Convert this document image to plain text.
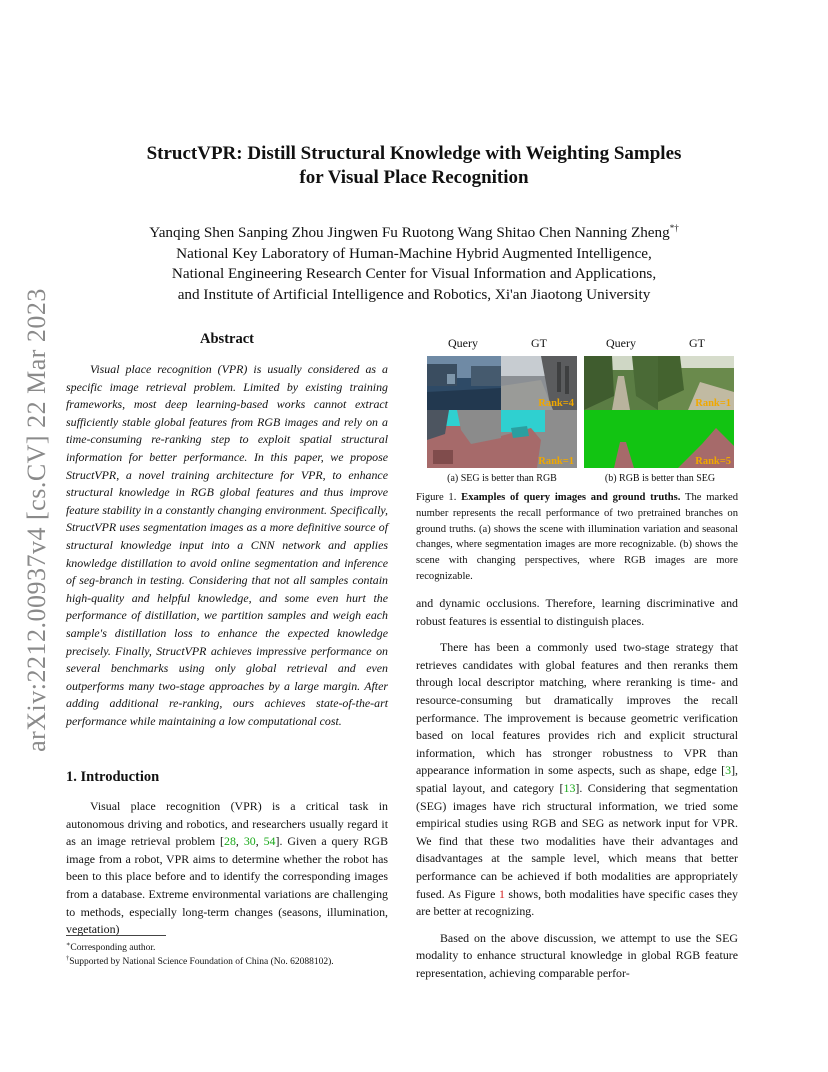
arXiv:2212.00937v4 [cs.CV] 22 Mar 2023
StructVPR: Distill Structural Knowledge with Weighting Samples
for Visual Place Recognition
Yanqing Shen Sanping Zhou Jingwen Fu Ruotong Wang Shitao Chen Nanning Zheng*†
National Key Laboratory of Human-Machine Hybrid Augmented Intelligence,
National Engineering Research Center for Visual Information and Applications,
and Institute of Artificial Intelligence and Robotics, Xi'an Jiaotong University
Abstract

Visual place recognition (VPR) is usually considered as a specific image retrieval problem. Limited by existing training frameworks, most deep learning-based works cannot extract sufficiently stable global features from RGB images and rely on a time-consuming re-ranking step to exploit spatial structural information for better performance. In this paper, we propose StructVPR, a novel training architecture for VPR, to enhance structural knowledge in RGB global features and thus improve feature stability in a constantly changing environment. Specifically, StructVPR uses segmentation images as a more definitive source of structural knowledge input into a CNN network and applies knowledge distillation to avoid online segmentation and inference of seg-branch in testing. Considering that not all samples contain high-quality and helpful knowledge, and some even hurt the performance of distillation, we partition samples and weigh each sample's distillation loss to enhance the expected knowledge precisely. Finally, StructVPR achieves impressive performance on several benchmarks using only global retrieval and even outperforms many two-stage approaches by a large margin. After adding additional re-ranking, ours achieves state-of-the-art performance while maintaining a low computational cost.

1. Introduction

Visual place recognition (VPR) is a critical task in autonomous driving and robotics, and researchers usually regard it as an image retrieval problem [28, 30, 54]. Given a query RGB image from a robot, VPR aims to determine whether the robot has been to this place before and to identify the corresponding images from a database. Extreme environmental variations are challenging to methods, especially long-term changes (seasons, illumination, vegetation)

∗Corresponding author.
†Supported by National Science Foundation of China (No. 62088102).
Query	GT	Query	GT
Rank=4
Rank=1
Rank=1
Rank=5
(a) SEG is better than RGB	(b) RGB is better than SEG
Figure 1. Examples of query images and ground truths. The marked number represents the recall performance of two pretrained branches on ground truths. (a) shows the scene with illumination variation and seasonal changes, where segmentation images are more recognizable. (b) shows the scene with changing perspectives, where RGB images are more recognizable.

and dynamic occlusions. Therefore, learning discriminative and robust features is essential to distinguish places.

There has been a commonly used two-stage strategy that retrieves candidates with global features and then reranks them through local descriptor matching, where reranking is time- and resource-consuming but dramatically improves the recall performance. The improvement is because geometric verification based on local features provides rich and explicit structural information, which has stronger robustness to VPR than appearance information in some aspects, such as shape, edge [3], spatial layout, and category [13]. Considering that segmentation (SEG) images have rich structural information, we tried some empirical studies using RGB and SEG as network input for VPR. We find that these two modalities have their advantages and disadvantages at the sample level, which means that better performance can be achieved if both modalities are appropriately fused. As Figure 1 shows, both modalities have specific cases they are better at recognizing.

Based on the above discussion, we attempt to use the SEG modality to enhance structural knowledge in global RGB feature representation, achieving comparable perfor-
